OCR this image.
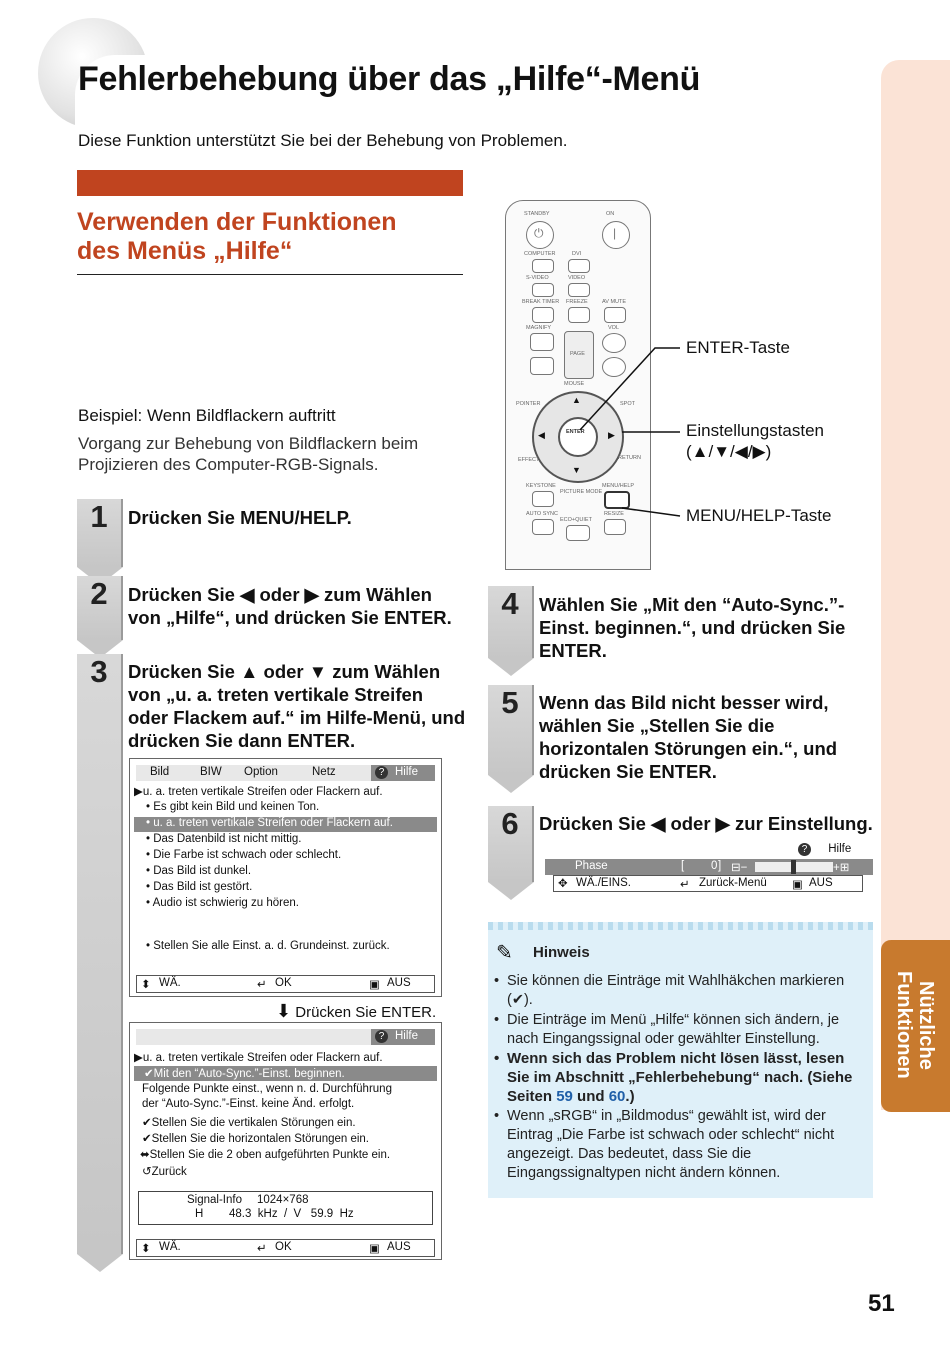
Nützliche Funktionen
Fehlerbehebung über das „Hilfe“-Menü
Diese Funktion unterstützt Sie bei der Behebung von Problemen.
Verwenden der Funktionen
des Menüs „Hilfe“
Beispiel: Wenn Bildflackern auftritt
Vorgang zur Behebung von Bildflackern beim Projizieren des Computer-RGB-Signals.
1	Drücken Sie MENU/HELP.
2	Drücken Sie ◀ oder ▶ zum Wählen von „Hilfe“, und drücken Sie ENTER.
3	Drücken Sie ▲ oder ▼ zum Wählen von „u. a. treten vertikale Streifen oder Flackem auf.“ im Hilfe-Menü, und drücken Sie dann ENTER.
4	Wählen Sie „Mit den “Auto-Sync.”-Einst. beginnen.“, und drücken Sie ENTER.
5	Wenn das Bild nicht besser wird, wählen Sie „Stellen Sie die horizontalen Störungen ein.“, und drücken Sie ENTER.
6	Drücken Sie ◀ oder ▶ zur Einstellung.
Bild	BIW Option	Netz	? Hilfe
▶u. a. treten vertikale Streifen oder Flackern auf.
• Es gibt kein Bild und keinen Ton.
• u. a. treten vertikale Streifen oder Flackern auf.
• Das Datenbild ist nicht mittig.
• Die Farbe ist schwach oder schlecht.
• Das Bild ist dunkel.
• Das Bild ist gestört.
• Audio ist schwierig zu hören.
• Stellen Sie alle Einst. a. d. Grundeinst. zurück.
⬍ WÄ.	↵ OK	▣ AUS
⬇ Drücken Sie ENTER.
? Hilfe
▶u. a. treten vertikale Streifen oder Flackern auf.
✔Mit den “Auto-Sync.”-Einst. beginnen.
Folgende Punkte einst., wenn n. d. Durchführung
der “Auto-Sync.”-Einst. keine Änd. erfolgt.
✔Stellen Sie die vertikalen Störungen ein.
✔Stellen Sie die horizontalen Störungen ein.
⬌Stellen Sie die 2 oben aufgeführten Punkte ein.
↺Zurück
Signal-Info 1024×768
H 48.3  kHz  /  V   59.9  Hz
⬍ WÄ.	↵ OK	▣ AUS
STANDBY	ON
⏻	|
COMPUTER	DVI
S-VIDEO	VIDEO
BREAK TIMER FREEZE	AV MUTE
MAGNIFY	VOL
PAGE
MOUSE
POINTER	SPOT
ENTER
▲
▼
◀	▶
EFFECT	RETURN
KEYSTONE
PICTURE MODE
MENU/HELP
AUTO SYNC
ECO+QUIET
RESIZE
ENTER-Taste
Einstellungstasten
(▲/▼/◀/▶)
MENU/HELP-Taste
Phase	[ 0 ] ⊟−	+⊞
? Hilfe
✥ WÄ./EINS.	↵ Zurück-Menü ▣ AUS
✎ Hinweis
• Sie können die Einträge mit Wahlhäkchen markieren (✔).
• Die Einträge im Menü „Hilfe“ können sich ändern, je nach Eingangssignal oder gewählter Einstellung.
• Wenn sich das Problem nicht lösen lässt, lesen Sie im Abschnitt „Fehlerbehebung“ nach. (Siehe Seiten 59 und 60.)
• Wenn „sRGB“ in „Bildmodus“ gewählt ist, wird der Eintrag „Die Farbe ist schwach oder schlecht“ nicht angezeigt. Das bedeutet, dass Sie die Eingangssignaltypen nicht ändern können.
51
